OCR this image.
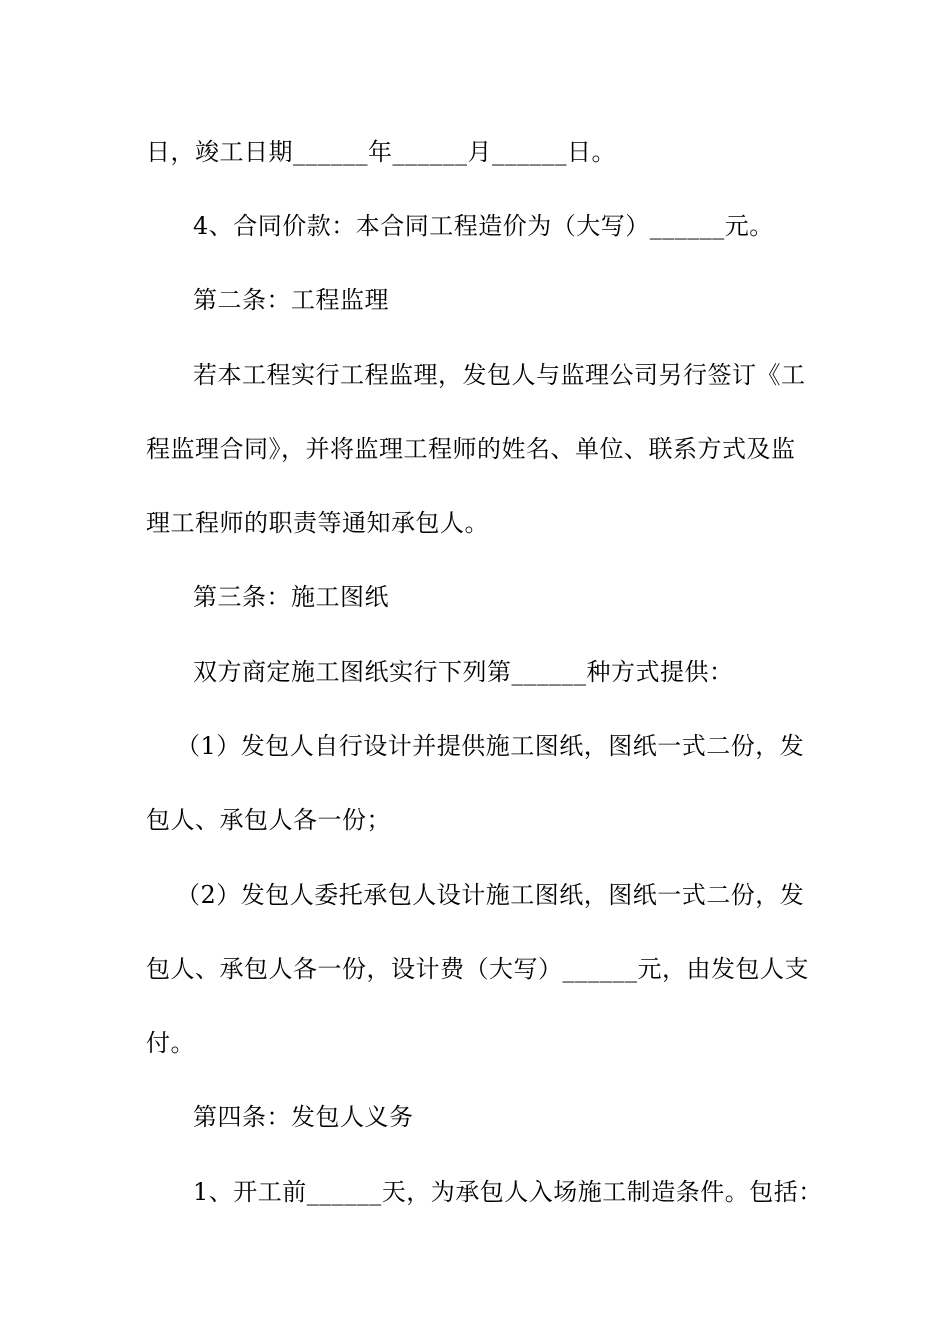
日，竣工日期______年______月______日。
4、合同价款：本合同工程造价为（大写）______元。
第二条：工程监理
若本工程实行工程监理，发包人与监理公司另行签订《工
程监理合同》，并将监理工程师的姓名、单位、联系方式及监
理工程师的职责等通知承包人。
第三条：施工图纸
双方商定施工图纸实行下列第______种方式提供：
（1）发包人自行设计并提供施工图纸，图纸一式二份，发
包人、承包人各一份；
（2）发包人委托承包人设计施工图纸，图纸一式二份，发
包人、承包人各一份，设计费（大写）______元，由发包人支
付。
第四条：发包人义务
1、开工前______天，为承包人入场施工制造条件。包括：
